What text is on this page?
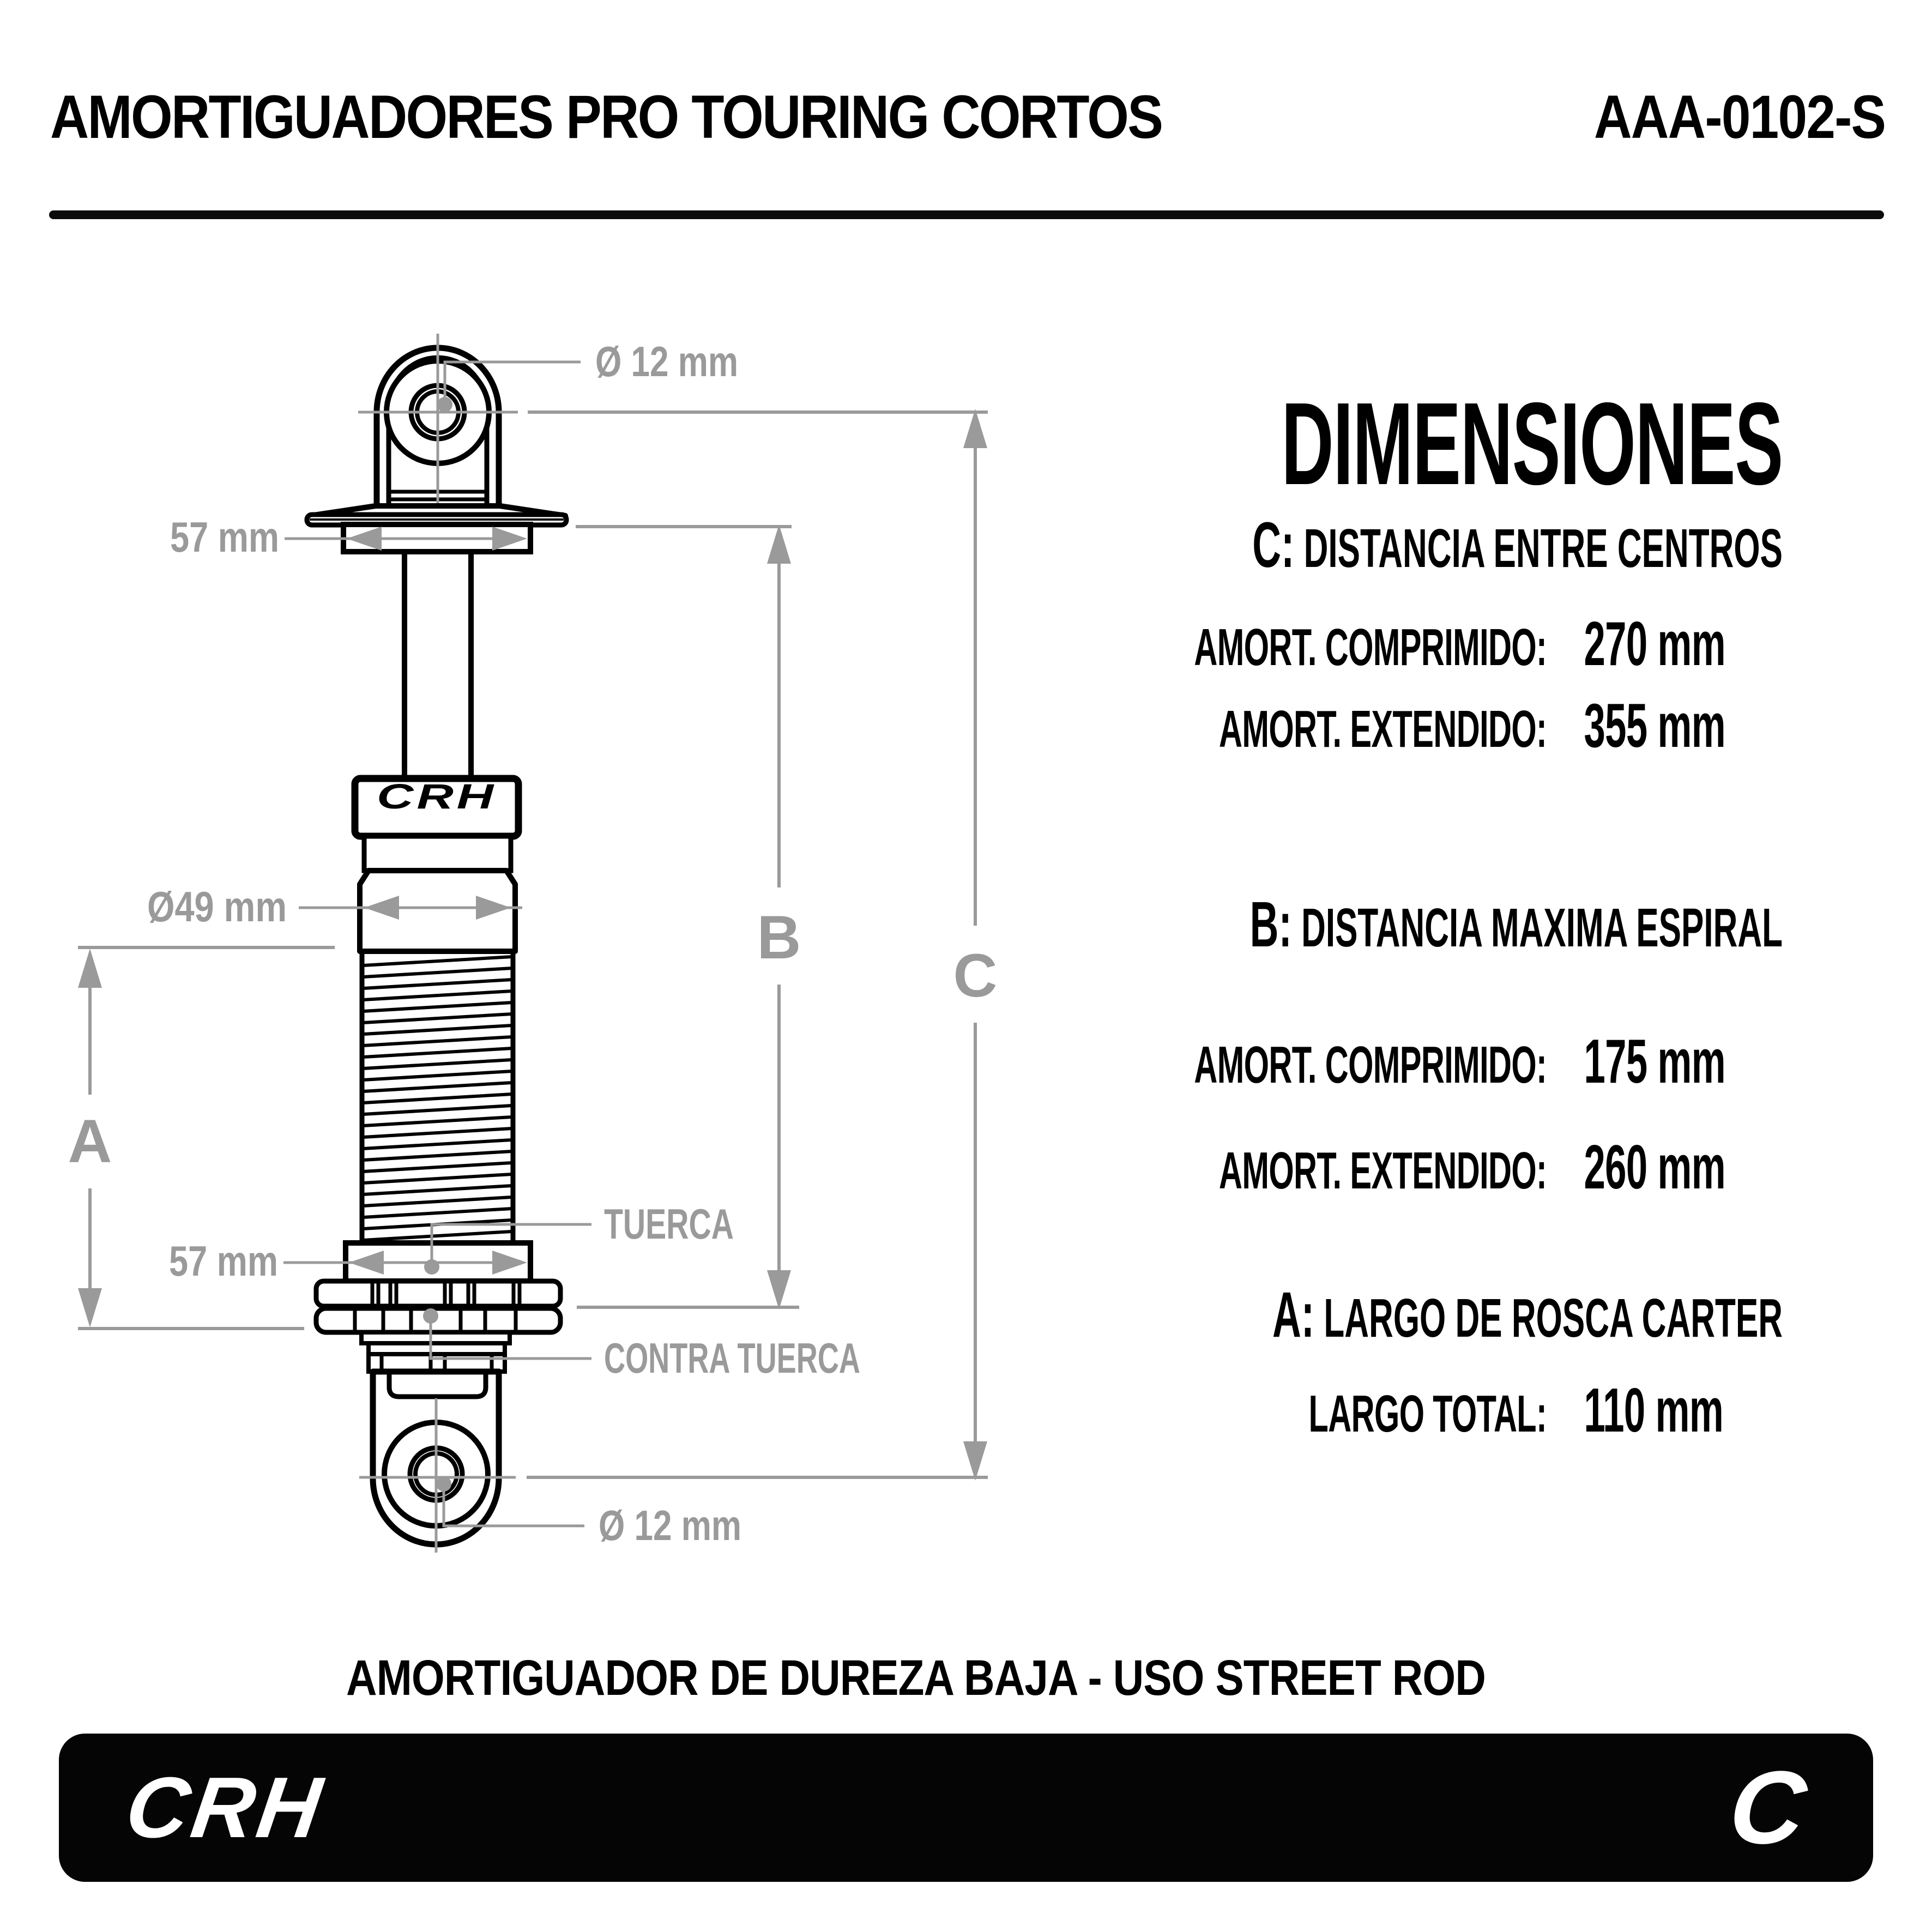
AMORTIGUADORES PRO TOURING CORTOS	AAA-0102-S
CRH
Ø 12 mm
57 mm
Ø49 mm
A
B
C
TUERCA
57 mm
CONTRA TUERCA
Ø 12 mm
DIMENSIONES
C: DISTANCIA ENTRE CENTROS
AMORT. COMPRIMIDO: 270 mm
AMORT. EXTENDIDO: 355 mm
B: DISTANCIA MAXIMA ESPIRAL
AMORT. COMPRIMIDO: 175 mm
AMORT. EXTENDIDO: 260 mm
A: LARGO DE ROSCA CARTER
LARGO TOTAL: 110 mm
AMORTIGUADOR DE DUREZA BAJA - USO STREET ROD
CRH	C
